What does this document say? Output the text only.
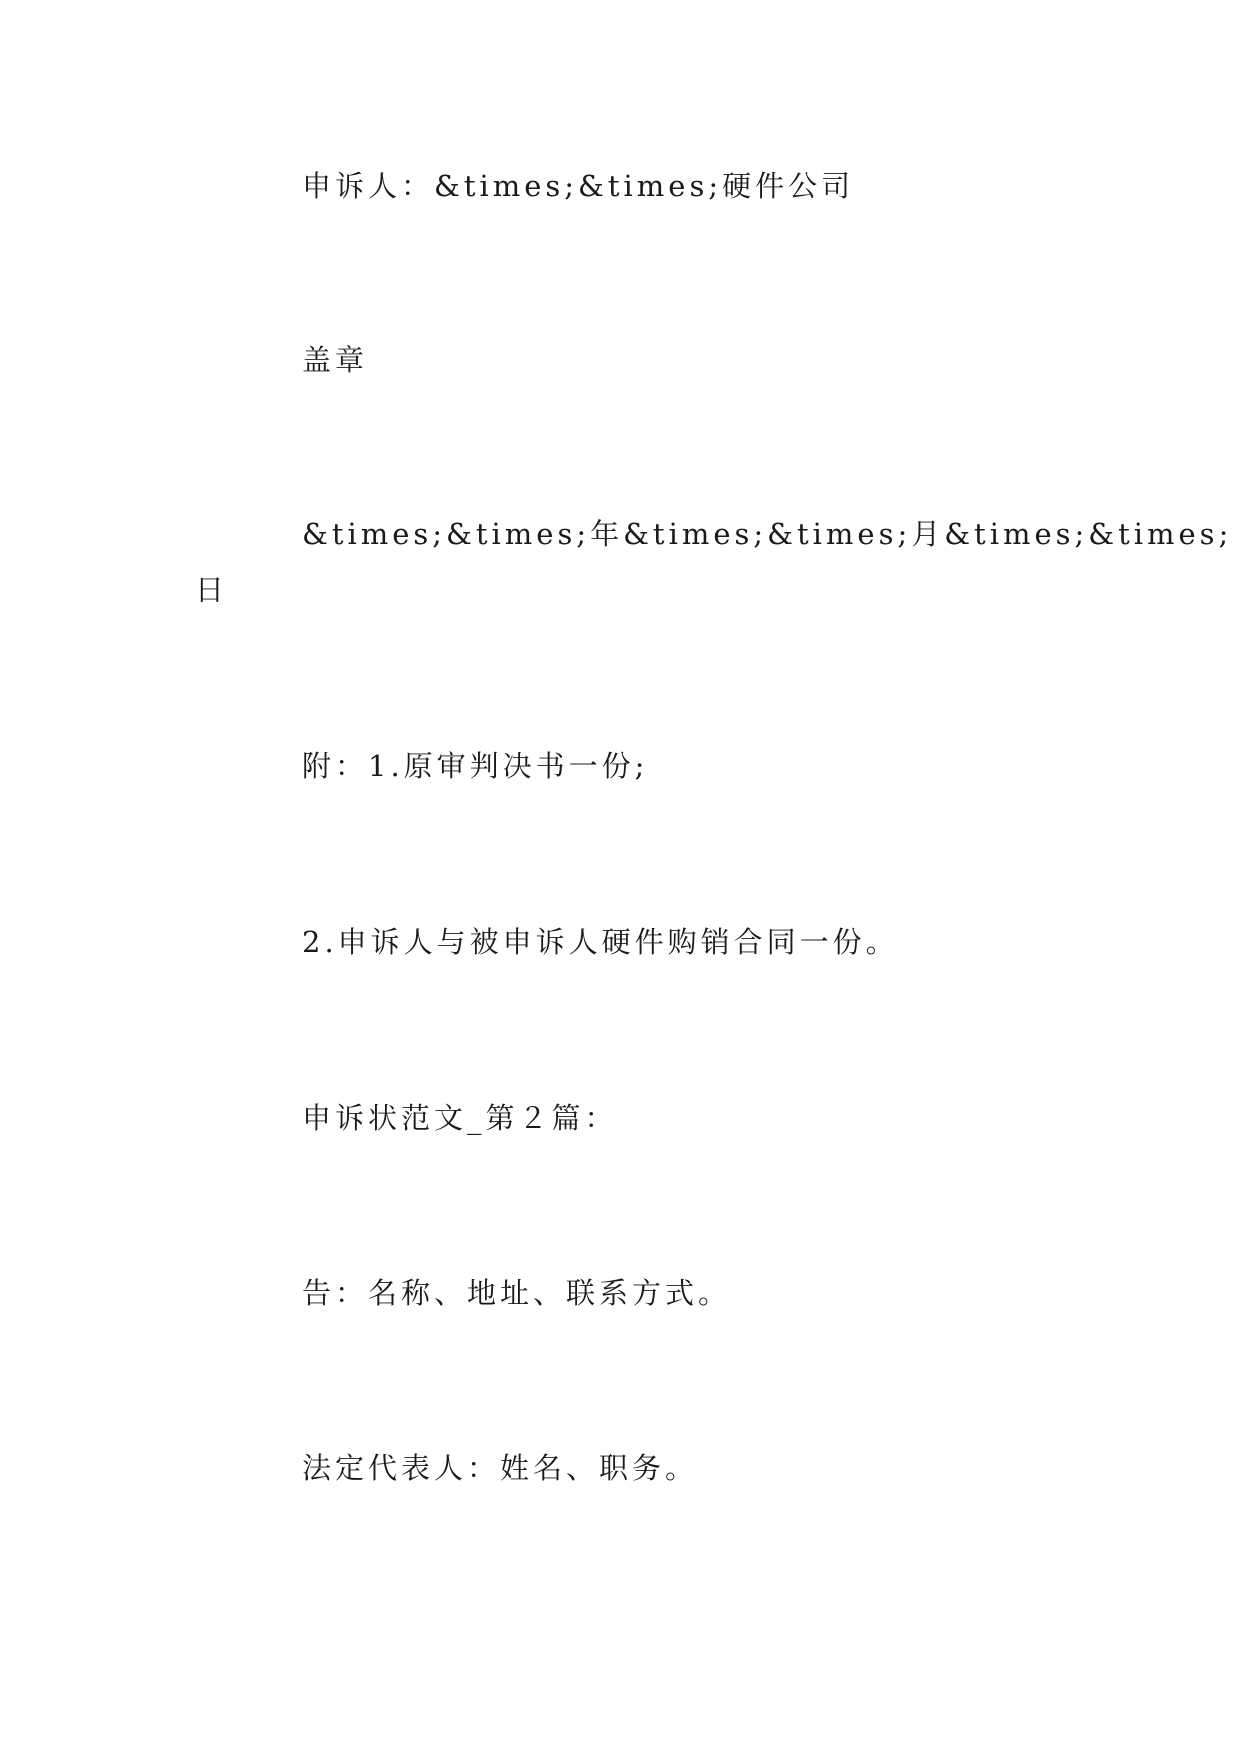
申诉人：&times;&times;硬件公司

盖章

&times;&times;年&times;&times;月&times;&times;

日

附：1.原审判决书一份;

2.申诉人与被申诉人硬件购销合同一份。

申诉状范文_第２篇：

告：名称、地址、联系方式。

法定代表人：姓名、职务。
